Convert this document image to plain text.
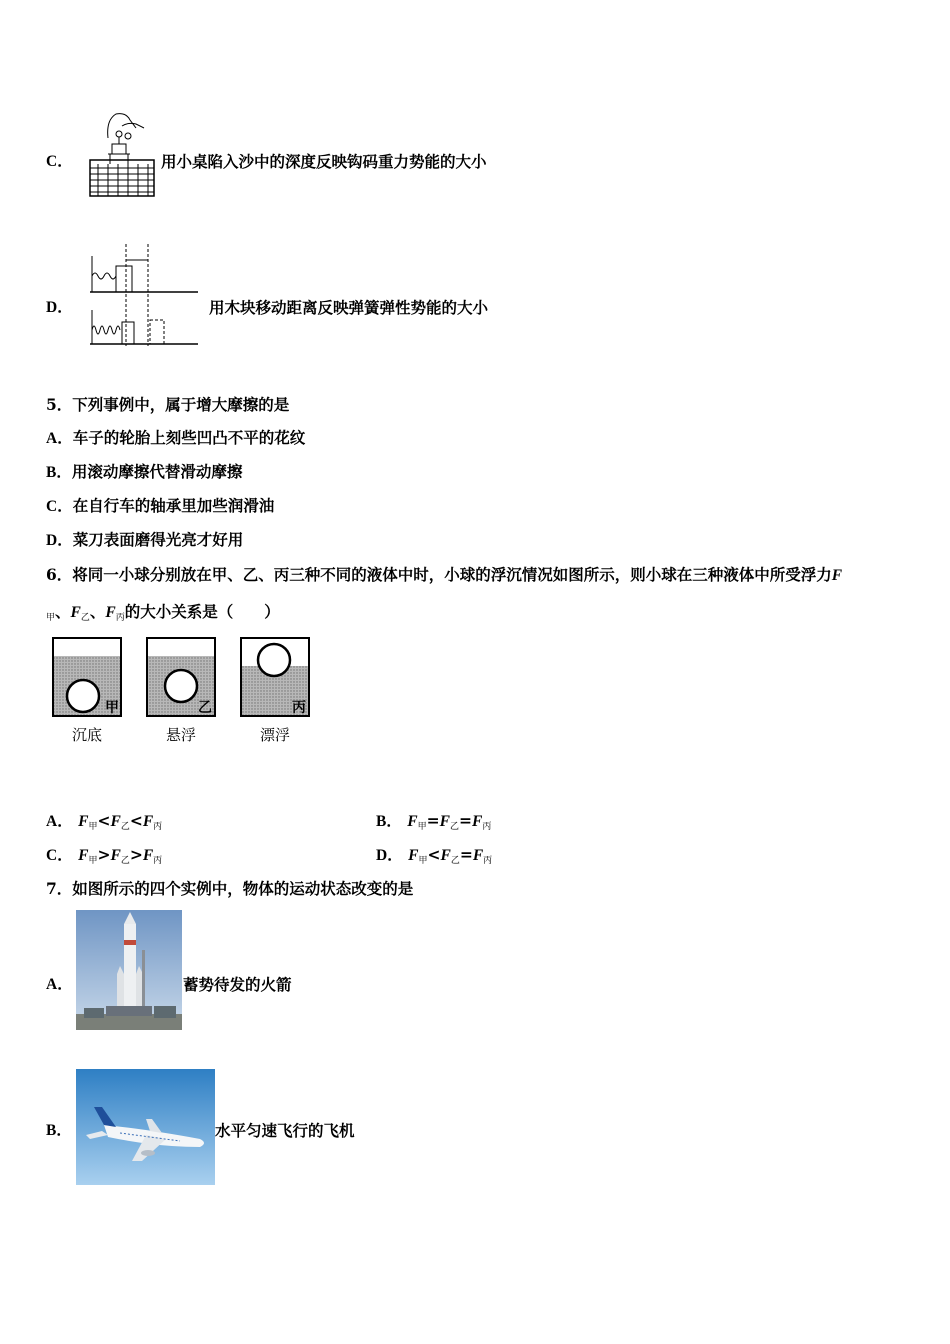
C．	用小桌陷入沙中的深度反映钩码重力势能的大小
D．	用木块移动距离反映弹簧弹性势能的大小
5．下列事例中，属于增大摩擦的是
A．车子的轮胎上刻些凹凸不平的花纹
B．用滚动摩擦代替滑动摩擦
C．在自行车的轴承里加些润滑油
D．菜刀表面磨得光亮才好用
6．将同一小球分别放在甲、乙、丙三种不同的液体中时，小球的浮沉情况如图所示，则小球在三种液体中所受浮力F
$_甲$、$F_乙$、$F_丙$的大小关系是（　　）
甲	乙	丙
沉底	悬浮	漂浮
A． $F_甲<F_乙<F_丙$	B． $F_甲=F_乙=F_丙$
C． $F_甲>F_乙>F_丙$	D． $F_甲<F_乙=F_丙$
7．如图所示的四个实例中，物体的运动状态改变的是
A．	蓄势待发的火箭
B．	水平匀速飞行的飞机
